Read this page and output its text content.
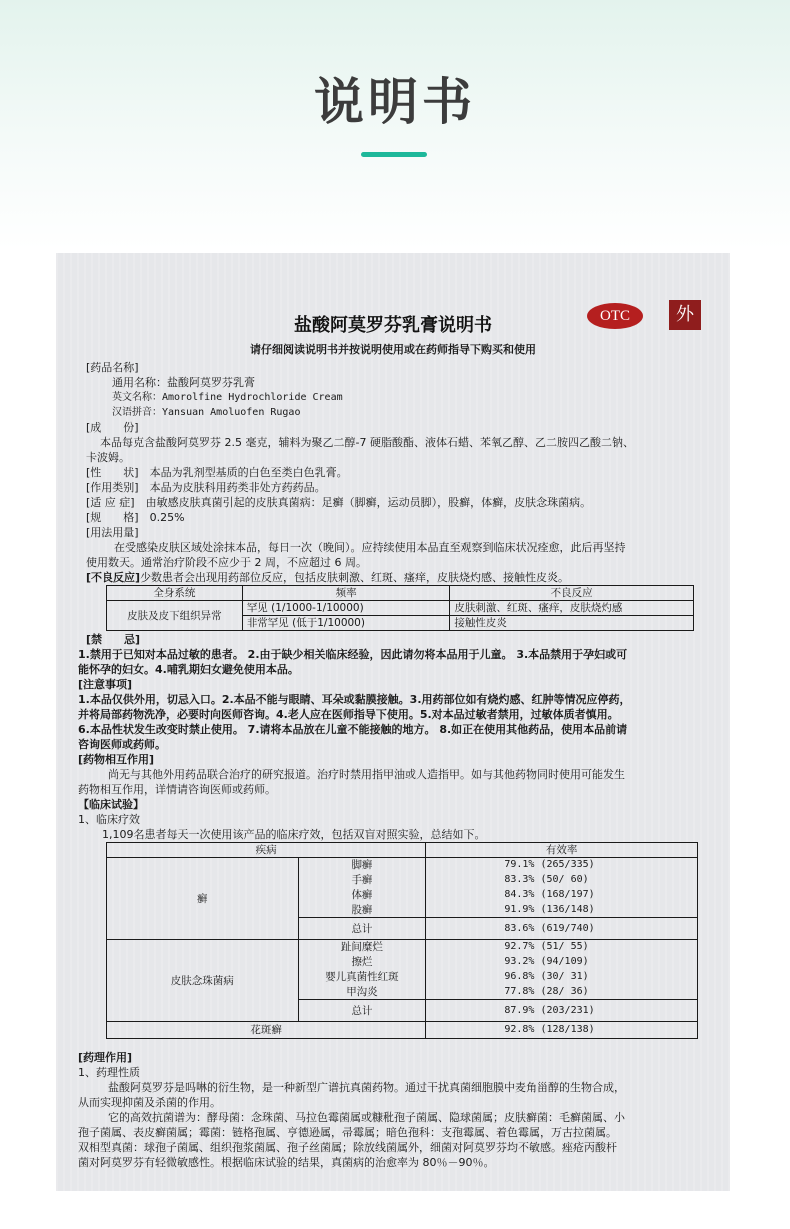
说明书
盐酸阿莫罗芬乳膏说明书	OTC	外
请仔细阅读说明书并按说明使用或在药师指导下购买和使用
[药品名称]
通用名称：盐酸阿莫罗芬乳膏
英文名称：Amorolfine Hydrochloride Cream
汉语拼音：Yansuan Amoluofen Rugao
[成　　份]
本品每克含盐酸阿莫罗芬 2.5 毫克，辅料为聚乙二醇-7 硬脂酸酯、液体石蜡、苯氧乙醇、乙二胺四乙酸二钠、
卡波姆。
[性　　状]　本品为乳剂型基质的白色至类白色乳膏。
[作用类别]　本品为皮肤科用药类非处方药药品。
[适 应 症]　由敏感皮肤真菌引起的皮肤真菌病：足癣（脚癣，运动员脚），股癣，体癣，皮肤念珠菌病。
[规　　格]　0.25%
[用法用量]
在受感染皮肤区域处涂抹本品，每日一次（晚间）。应持续使用本品直至观察到临床状况痊愈，此后再坚持
使用数天。通常治疗阶段不应少于 2 周，不应超过 6 周。
[不良反应]少数患者会出现用药部位反应，包括皮肤刺激、红斑、瘙痒，皮肤烧灼感、接触性皮炎。
全身系统	频率	不良反应
皮肤及皮下组织异常	罕见 (1/1000-1/10000)	皮肤刺激、红斑、瘙痒，皮肤烧灼感
	非常罕见 (低于1/10000)	接触性皮炎
[禁　　忌]
1.禁用于已知对本品过敏的患者。 2.由于缺少相关临床经验，因此请勿将本品用于儿童。 3.本品禁用于孕妇或可
能怀孕的妇女。4.哺乳期妇女避免使用本品。
[注意事项]
1.本品仅供外用，切忌入口。2.本品不能与眼睛、耳朵或黏膜接触。3.用药部位如有烧灼感、红肿等情况应停药，
并将局部药物洗净，必要时向医师咨询。4.老人应在医师指导下使用。5.对本品过敏者禁用，过敏体质者慎用。
6.本品性状发生改变时禁止使用。 7.请将本品放在儿童不能接触的地方。 8.如正在使用其他药品，使用本品前请
咨询医师或药师。
[药物相互作用]
尚无与其他外用药品联合治疗的研究报道。治疗时禁用指甲油或人造指甲。如与其他药物同时使用可能发生
药物相互作用，详情请咨询医师或药师。
【临床试验】
1、临床疗效
1,109名患者每天一次使用该产品的临床疗效，包括双盲对照实验，总结如下。
疾病		有效率
癣	脚癣	79.1% (265/335)
	手癣	83.3% (50/ 60)
	体癣	84.3% (168/197)
	股癣	91.9% (136/148)
	总计	83.6% (619/740)
皮肤念珠菌病	趾间糜烂	92.7% (51/ 55)
	擦烂	93.2% (94/109)
	婴儿真菌性红斑	96.8% (30/ 31)
	甲沟炎	77.8% (28/ 36)
	总计	87.9% (203/231)
花斑癣		92.8% (128/138)
[药理作用]
1、药理性质
盐酸阿莫罗芬是吗啉的衍生物，是一种新型广谱抗真菌药物。通过干扰真菌细胞膜中麦角甾醇的生物合成，
从而实现抑菌及杀菌的作用。
它的高效抗菌谱为：酵母菌：念珠菌、马拉色霉菌属或糠秕孢子菌属、隐球菌属；皮肤癣菌：毛癣菌属、小
孢子菌属、表皮癣菌属；霉菌：链格孢属、亨德逊属，帚霉属；暗色孢科：支孢霉属、着色霉属，万古拉菌属。
双相型真菌：球孢子菌属、组织孢浆菌属、孢子丝菌属；除放线菌属外，细菌对阿莫罗芬均不敏感。痤疮丙酸杆
菌对阿莫罗芬有轻微敏感性。根据临床试验的结果，真菌病的治愈率为 80％－90％。
